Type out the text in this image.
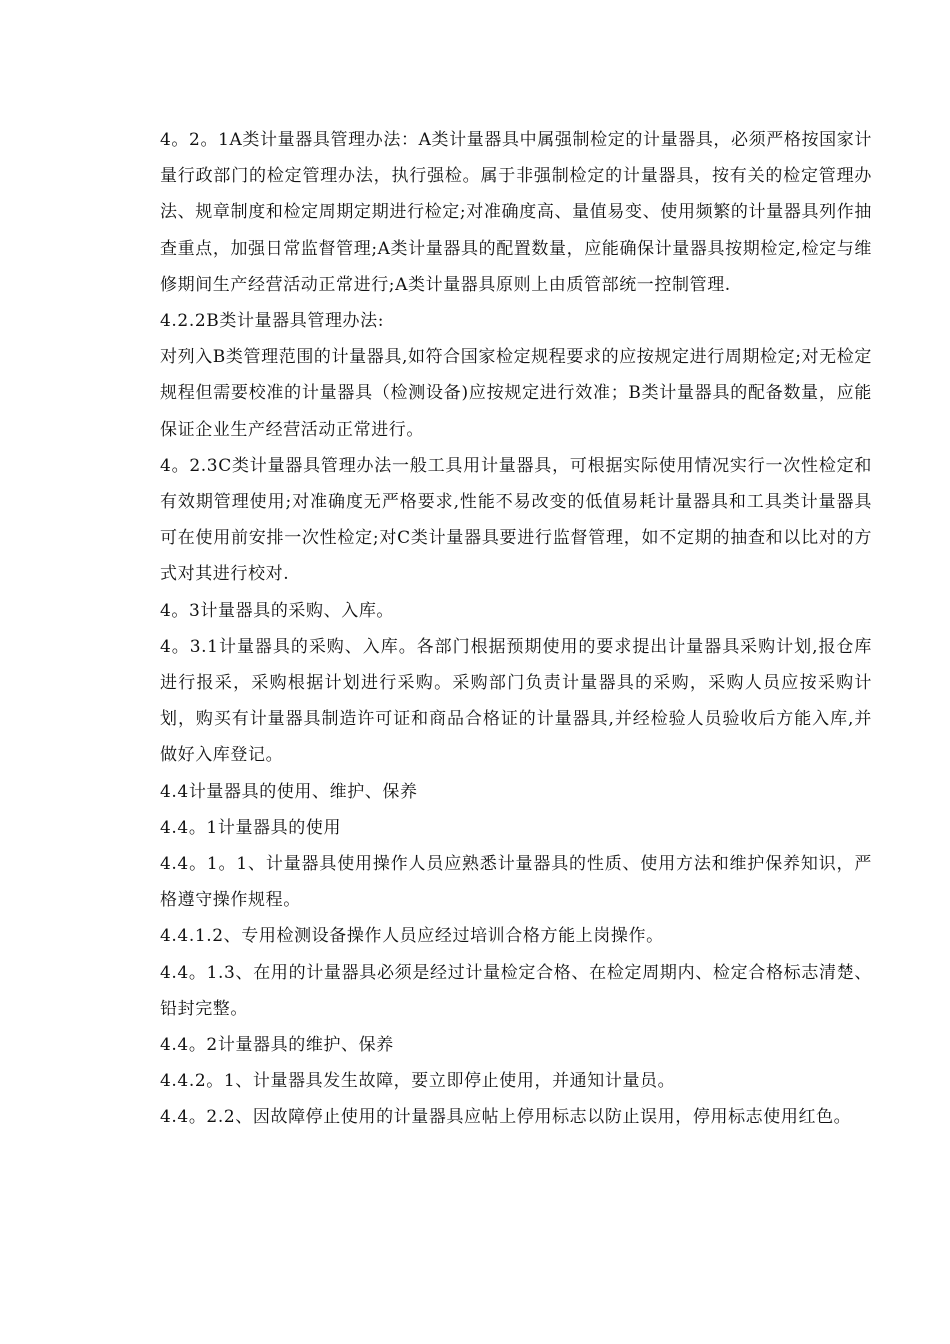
4。2。1A类计量器具管理办法：A类计量器具中属强制检定的计量器具，必须严格按国家计量行政部门的检定管理办法，执行强检。属于非强制检定的计量器具，按有关的检定管理办法、规章制度和检定周期定期进行检定;对准确度高、量值易变、使用频繁的计量器具列作抽查重点，加强日常监督管理;A类计量器具的配置数量，应能确保计量器具按期检定,检定与维修期间生产经营活动正常进行;A类计量器具原则上由质管部统一控制管理.

4.2.2B类计量器具管理办法:

对列入B类管理范围的计量器具,如符合国家检定规程要求的应按规定进行周期检定;对无检定规程但需要校准的计量器具（检测设备)应按规定进行效准；B类计量器具的配备数量，应能保证企业生产经营活动正常进行。

4。2.3C类计量器具管理办法一般工具用计量器具，可根据实际使用情况实行一次性检定和有效期管理使用;对准确度无严格要求,性能不易改变的低值易耗计量器具和工具类计量器具可在使用前安排一次性检定;对C类计量器具要进行监督管理，如不定期的抽查和以比对的方式对其进行校对.

4。3计量器具的采购、入库。

4。3.1计量器具的采购、入库。各部门根据预期使用的要求提出计量器具采购计划,报仓库进行报采，采购根据计划进行采购。采购部门负责计量器具的采购，采购人员应按采购计划，购买有计量器具制造许可证和商品合格证的计量器具,并经检验人员验收后方能入库,并做好入库登记。

4.4计量器具的使用、维护、保养

4.4。1计量器具的使用

4.4。1。1、计量器具使用操作人员应熟悉计量器具的性质、使用方法和维护保养知识，严格遵守操作规程。

4.4.1.2、专用检测设备操作人员应经过培训合格方能上岗操作。

4.4。1.3、在用的计量器具必须是经过计量检定合格、在检定周期内、检定合格标志清楚、铅封完整。

4.4。2计量器具的维护、保养

4.4.2。1、计量器具发生故障，要立即停止使用，并通知计量员。

4.4。2.2、因故障停止使用的计量器具应帖上停用标志以防止误用，停用标志使用红色。
